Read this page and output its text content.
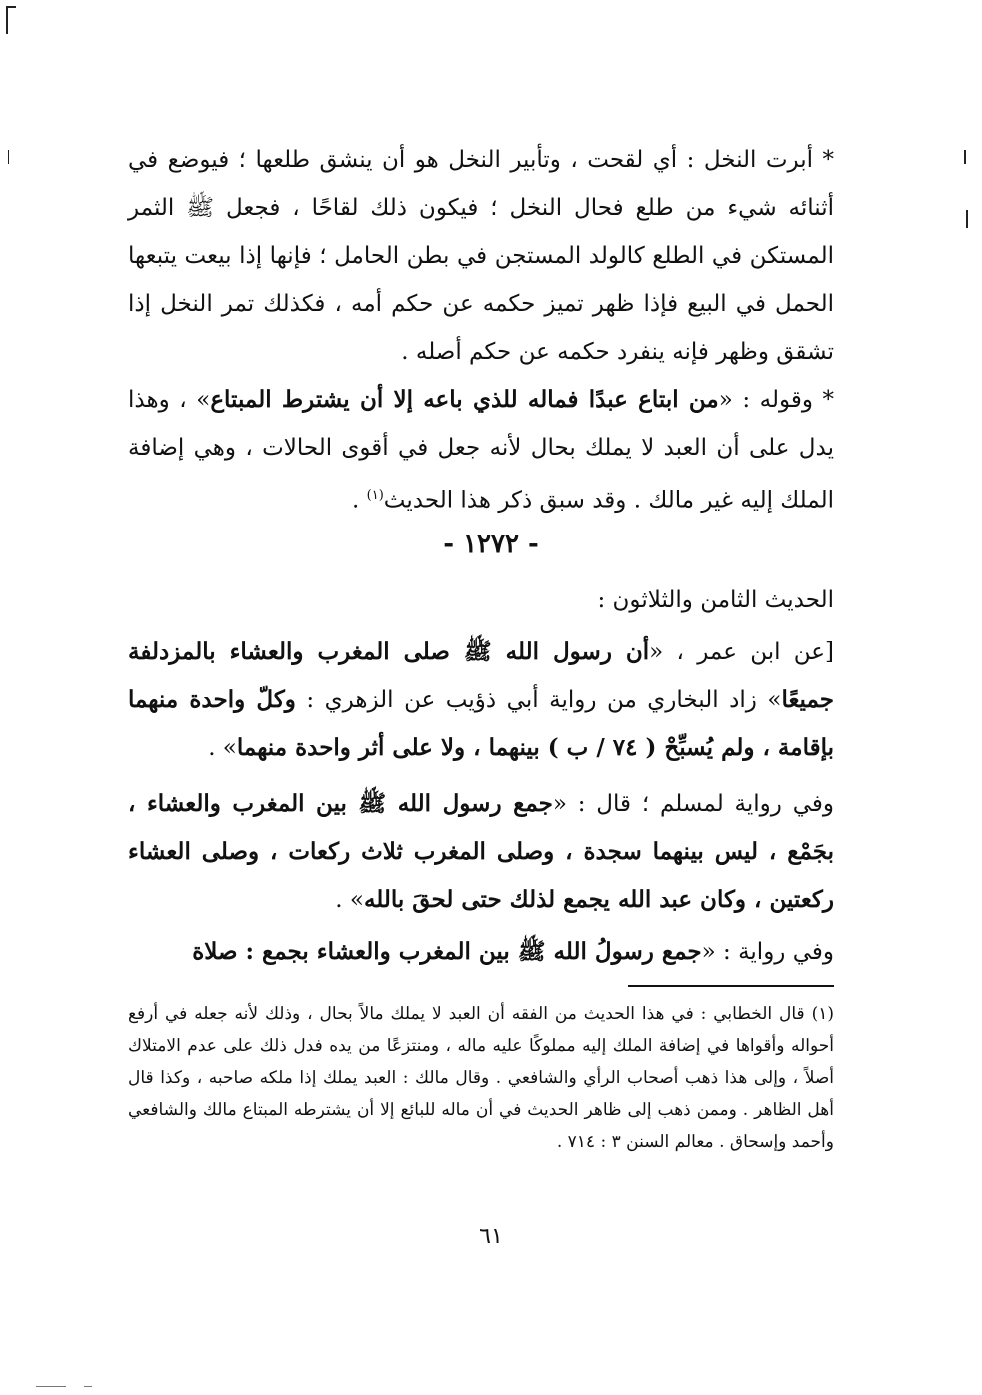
* أبرت النخل : أي لقحت ، وتأبير النخل هو أن ينشق طلعها ؛ فيوضع في أثنائه شيء من طلع فحال النخل ؛ فيكون ذلك لقاحًا ، فجعل ﷺ الثمر المستكن في الطلع كالولد المستجن في بطن الحامل ؛ فإنها إذا بيعت يتبعها الحمل في البيع فإذا ظهر تميز حكمه عن حكم أمه ، فكذلك تمر النخل إذا تشقق وظهر فإنه ينفرد حكمه عن حكم أصله .

* وقوله : «من ابتاع عبدًا فماله للذي باعه إلا أن يشترط المبتاع» ، وهذا يدل على أن العبد لا يملك بحال لأنه جعل في أقوى الحالات ، وهي إضافة الملك إليه غير مالك . وقد سبق ذكر هذا الحديث$^{(١)}$ .

- ١٢٧٢ -
الحديث الثامن والثلاثون :

[عن ابن عمر ، «أن رسول الله ﷺ صلى المغرب والعشاء بالمزدلفة جميعًا» زاد البخاري من رواية أبي ذؤيب عن الزهري : وكلّ واحدة منهما بإقامة ، ولم يُسبِّحْ ( ٧٤ / ب ) بينهما ، ولا على أثر واحدة منهما» .

وفي رواية لمسلم ؛ قال : «جمع رسول الله ﷺ بين المغرب والعشاء ، بجَمْع ، ليس بينهما سجدة ، وصلى المغرب ثلاث ركعات ، وصلى العشاء ركعتين ، وكان عبد الله يجمع لذلك حتى لحقَ بالله» .

وفي رواية : «جمع رسولُ الله ﷺ بين المغرب والعشاء بجمع : صلاة

(١) قال الخطابي : في هذا الحديث من الفقه أن العبد لا يملك مالاً بحال ، وذلك لأنه جعله في أرفع أحواله وأقواها في إضافة الملك إليه مملوكًا عليه ماله ، ومنتزعًا من يده فدل ذلك على عدم الامتلاك أصلاً ، وإلى هذا ذهب أصحاب الرأي والشافعي . وقال مالك : العبد يملك إذا ملكه صاحبه ، وكذا قال أهل الظاهر . وممن ذهب إلى ظاهر الحديث في أن ماله للبائع إلا أن يشترطه المبتاع مالك والشافعي وأحمد وإسحاق . معالم السنن ٣ : ٧١٤ .

٦١
